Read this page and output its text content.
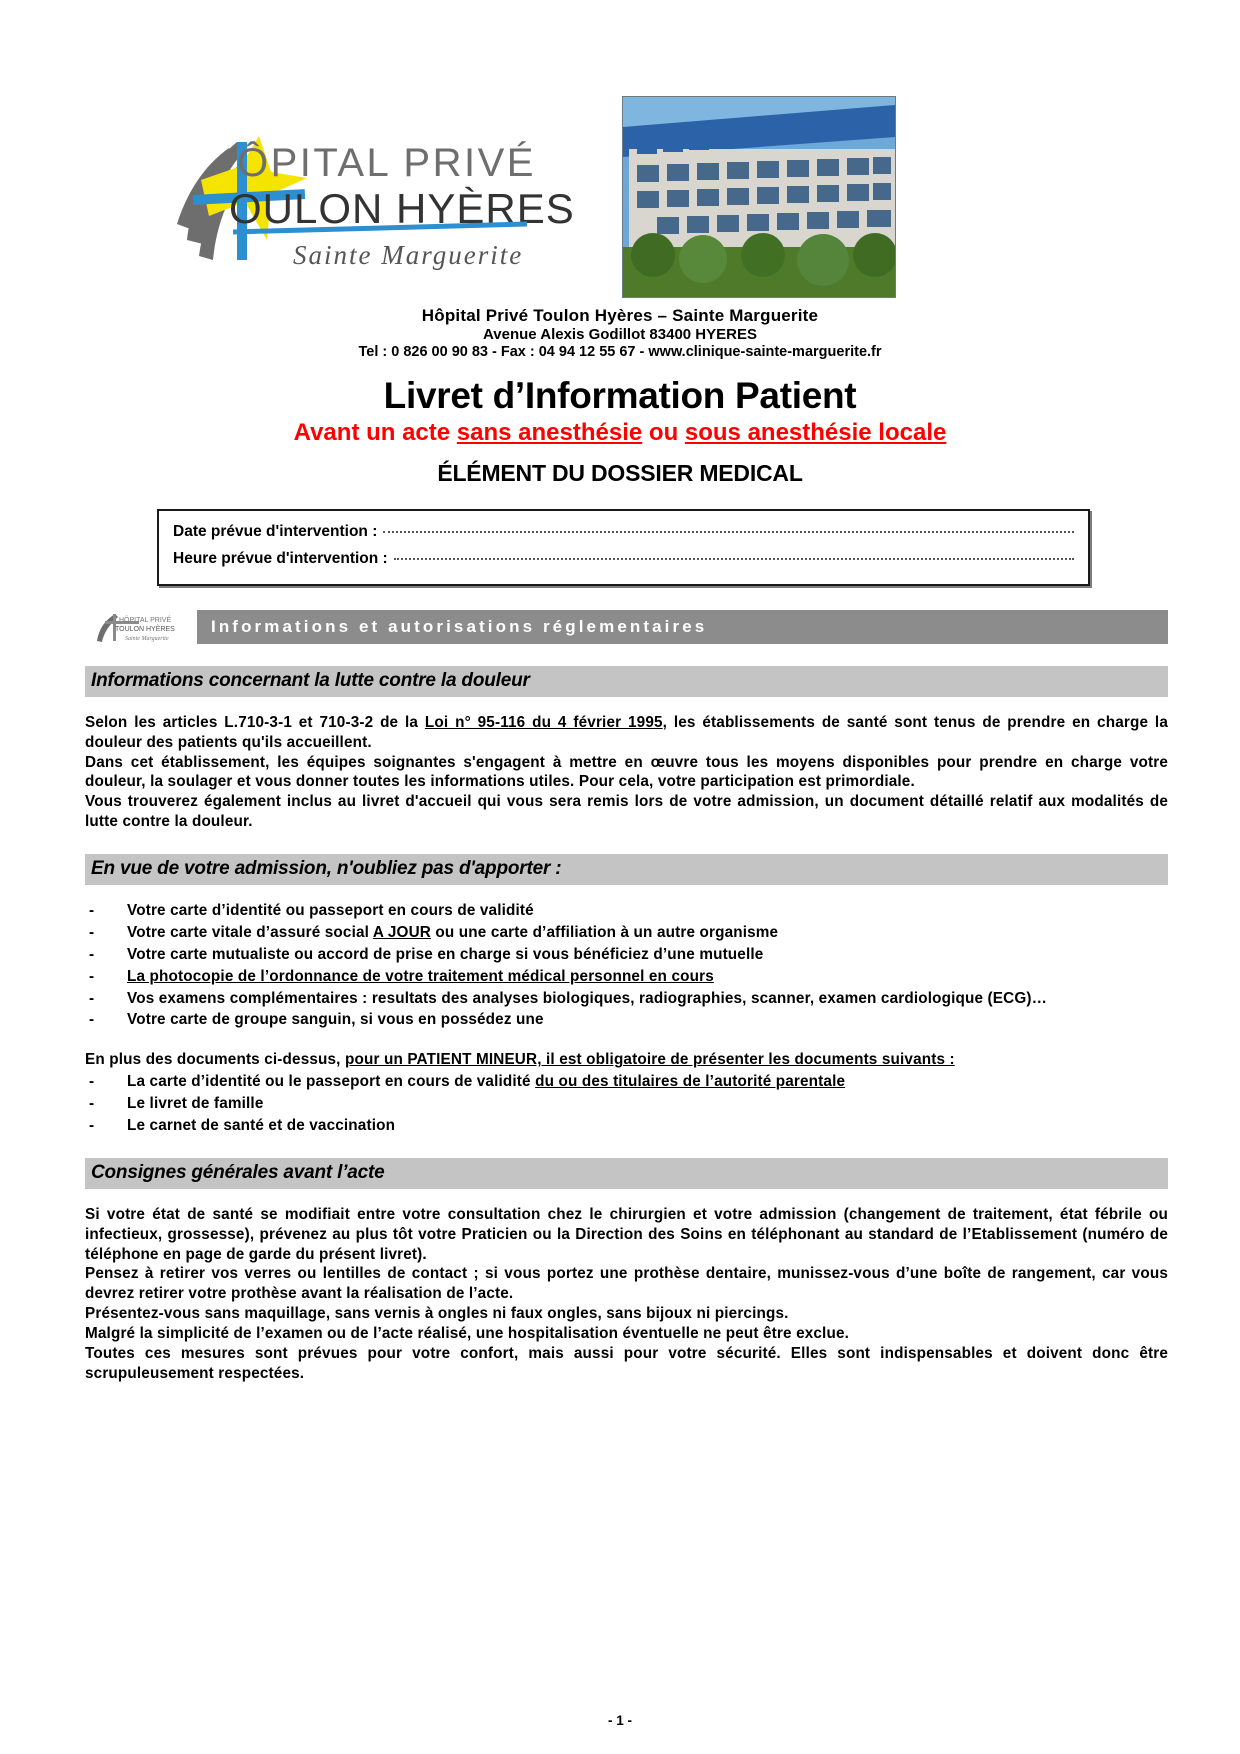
ÔPITAL PRIVÉ
OULON HYÈRES
Sainte Marguerite
Hôpital Privé Toulon Hyères – Sainte Marguerite
Avenue Alexis Godillot 83400 HYERES
Tel : 0 826 00 90 83 - Fax : 04 94 12 55 67 - www.clinique-sainte-marguerite.fr
Livret d’Information Patient
Avant un acte sans anesthésie ou sous anesthésie locale
ÉLÉMENT DU DOSSIER MEDICAL
Date prévue d'intervention :
Heure prévue d'intervention :
HÔPITAL PRIVÉ
TOULON HYÈRES
Sainte Marguerite
Informations et autorisations réglementaires
Informations concernant la lutte contre la douleur

Selon les articles L.710-3-1 et 710-3-2 de la Loi n° 95-116 du 4 février 1995, les établissements de santé sont tenus de prendre en charge la douleur des patients qu'ils accueillent.

Dans cet établissement, les équipes soignantes s'engagent à mettre en œuvre tous les moyens disponibles pour prendre en charge votre douleur, la soulager et vous donner toutes les informations utiles. Pour cela, votre participation est primordiale.

Vous trouverez également inclus au livret d'accueil qui vous sera remis lors de votre admission, un document détaillé relatif aux modalités de lutte contre la douleur.

En vue de votre admission, n'oubliez pas d'apporter :
- Votre carte d’identité ou passeport en cours de validité
- Votre carte vitale d’assuré social A JOUR ou une carte d’affiliation à un autre organisme
- Votre carte mutualiste ou accord de prise en charge si vous bénéficiez d’une mutuelle
- La photocopie de l’ordonnance de votre traitement médical personnel en cours
- Vos examens complémentaires : resultats des analyses biologiques, radiographies, scanner, examen cardiologique (ECG)…
- Votre carte de groupe sanguin, si vous en possédez une
En plus des documents ci-dessus, pour un PATIENT MINEUR, il est obligatoire de présenter les documents suivants :
- La carte d’identité ou le passeport en cours de validité du ou des titulaires de l’autorité parentale
- Le livret de famille
- Le carnet de santé et de vaccination
Consignes générales avant l’acte

Si votre état de santé se modifiait entre votre consultation chez le chirurgien et votre admission (changement de traitement, état fébrile ou infectieux, grossesse), prévenez au plus tôt votre Praticien ou la Direction des Soins en téléphonant au standard de l’Etablissement (numéro de téléphone en page de garde du présent livret).

Pensez à retirer vos verres ou lentilles de contact ; si vous portez une prothèse dentaire, munissez-vous d’une boîte de rangement, car vous devrez retirer votre prothèse avant la réalisation de l’acte.

Présentez-vous sans maquillage, sans vernis à ongles ni faux ongles, sans bijoux ni piercings.

Malgré la simplicité de l’examen ou de l’acte réalisé, une hospitalisation éventuelle ne peut être exclue.

Toutes ces mesures sont prévues pour votre confort, mais aussi pour votre sécurité. Elles sont indispensables et doivent donc être scrupuleusement respectées.

- 1 -
